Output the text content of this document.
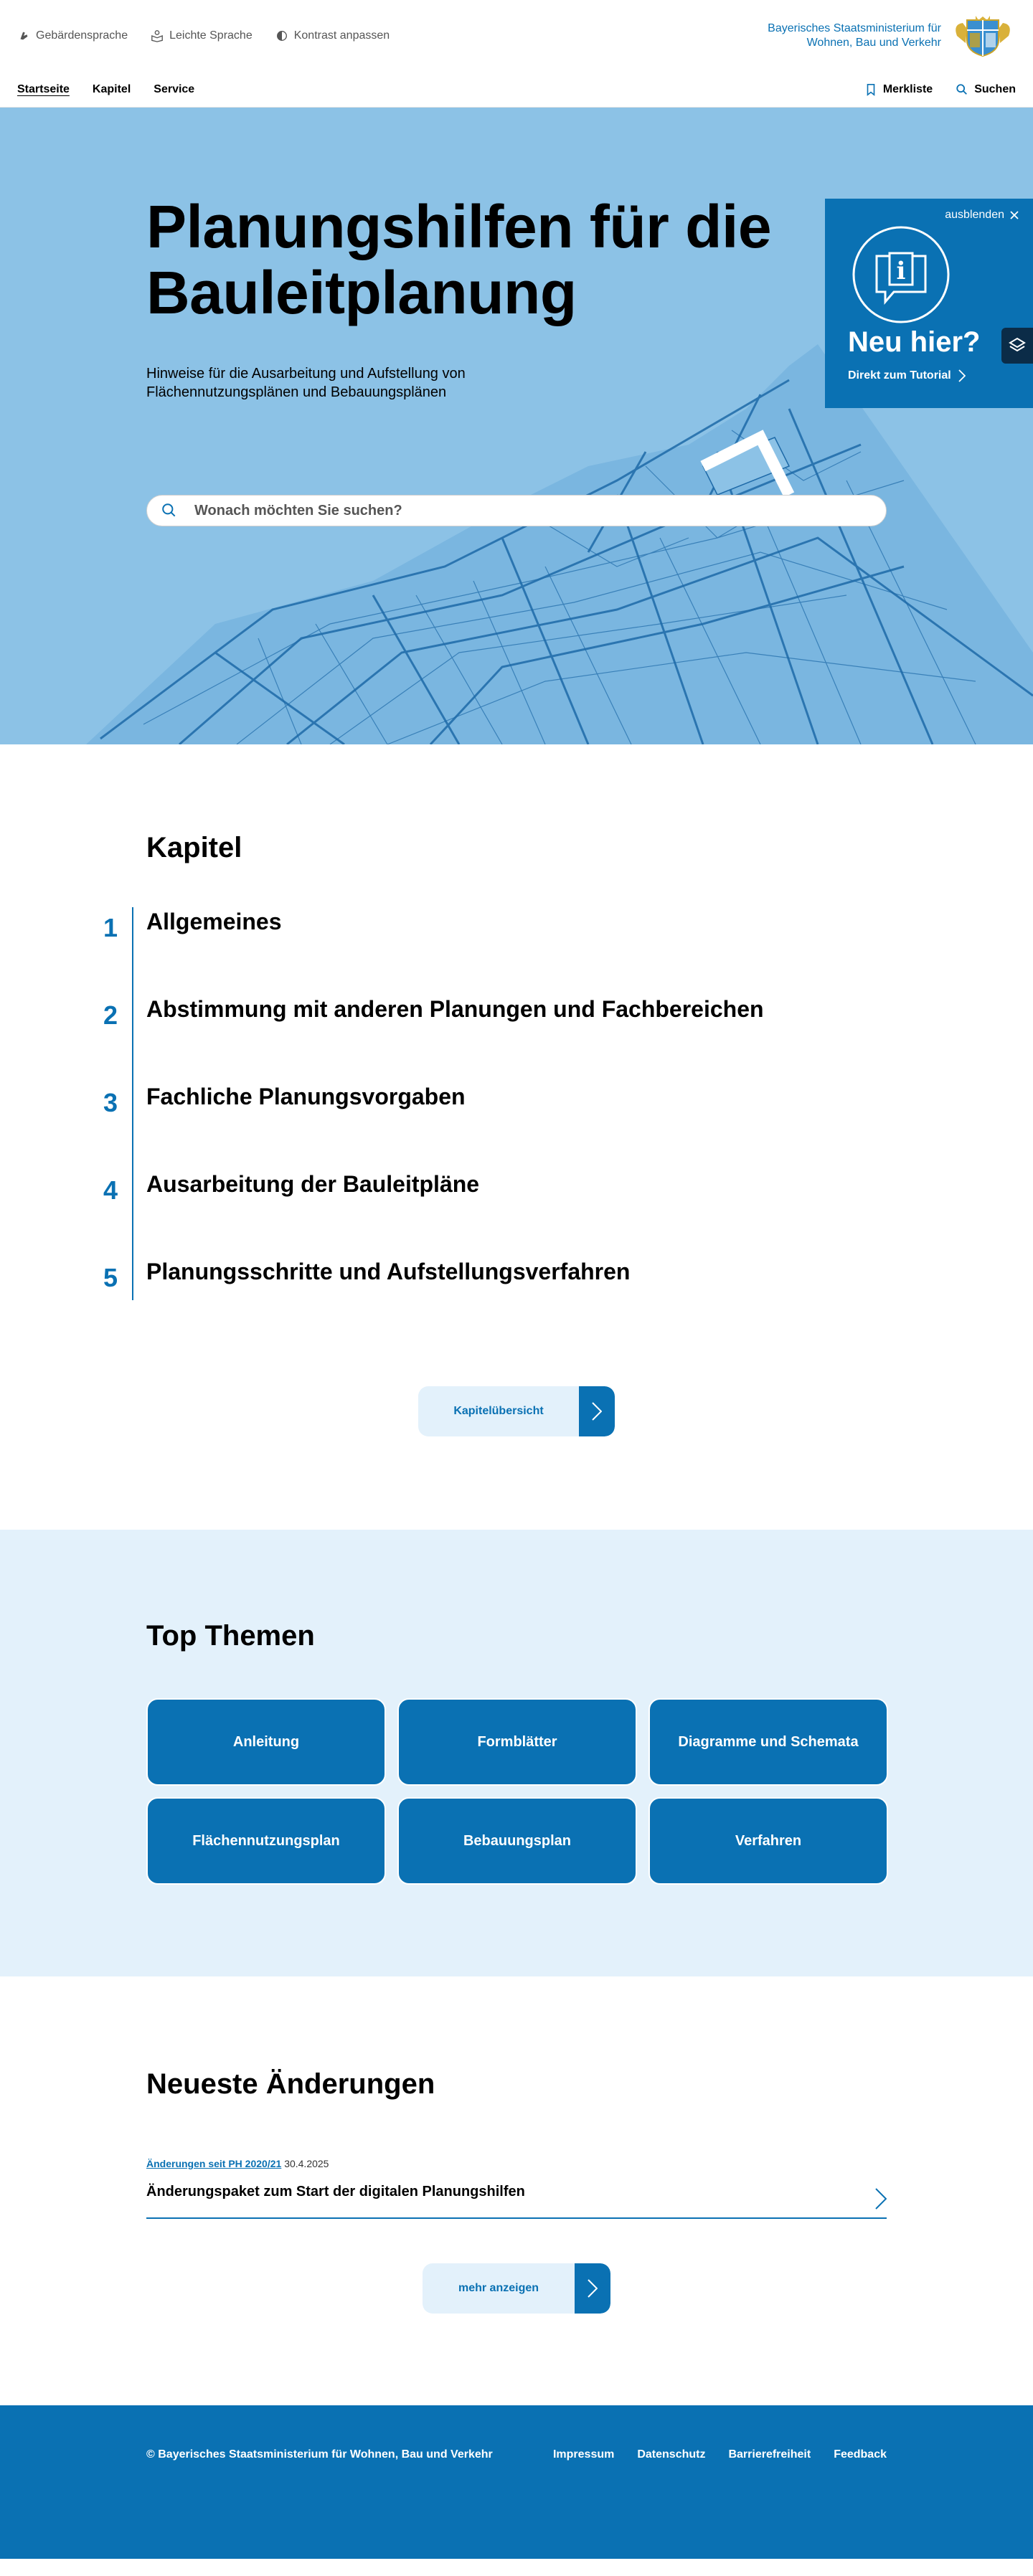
Gebärdensprache	Leichte Sprache	Kontrast anpassen
Bayerisches Staatsministerium für
Wohnen, Bau und Verkehr
Startseite Kapitel Service	Merkliste	Suchen
Planungshilfen für die Bauleitplanung

Hinweise für die Ausarbeitung und Aufstellung von Flächennutzungsplänen und Bebauungsplänen

Wonach möchten Sie suchen?
ausblenden
i
Neu hier?
Direkt zum Tutorial
Kapitel
1 Allgemeines
2 Abstimmung mit anderen Planungen und Fachbereichen
3 Fachliche Planungsvorgaben
4 Ausarbeitung der Bauleitpläne
5 Planungsschritte und Aufstellungsverfahren
Kapitelübersicht
Top Themen
Anleitung	Formblätter	Diagramme und Schemata
Flächennutzungsplan	Bebauungsplan	Verfahren
Neueste Änderungen
Änderungen seit PH 2020/21 30.4.2025
Änderungspaket zum Start der digitalen Planungshilfen
mehr anzeigen
© Bayerisches Staatsministerium für Wohnen, Bau und Verkehr	Impressum Datenschutz Barrierefreiheit Feedback
